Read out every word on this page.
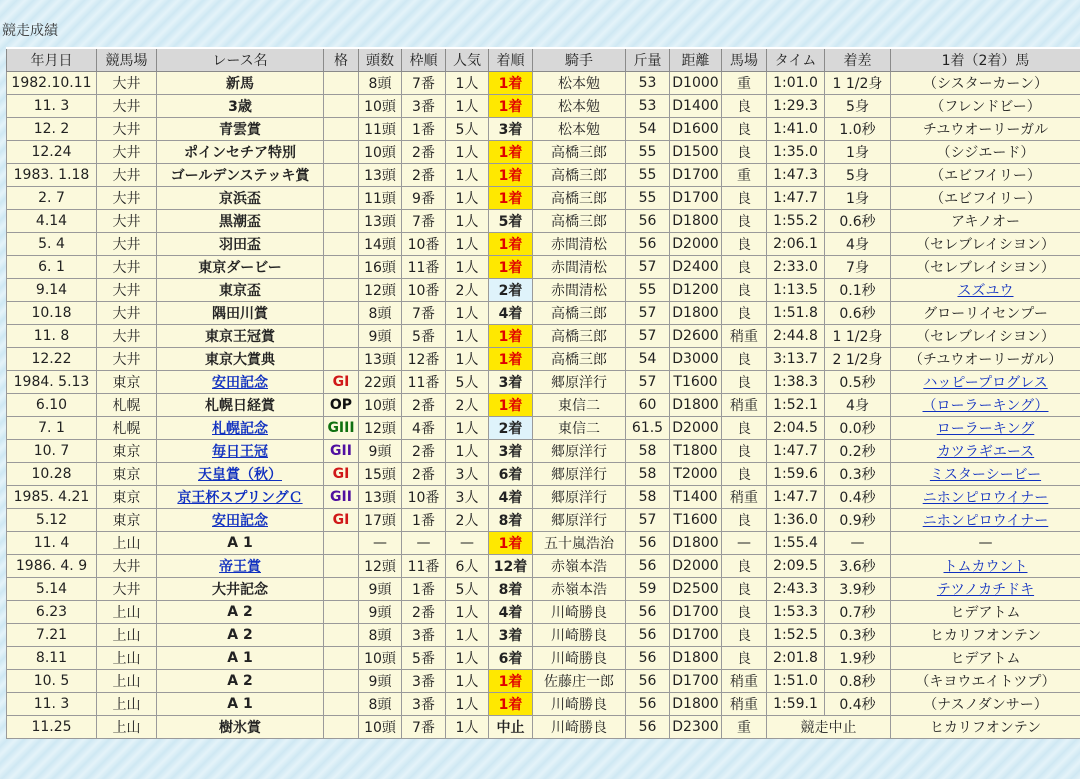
競走成績
年月日	競馬場	レース名	格	頭数	枠順	人気	着順	騎手	斤量	距離	馬場	タイム	着差	1着（2着）馬
1982.10.11	大井	新馬		8頭	7番	1人	1着	松本勉	53	D1000	重	1:01.0	1 1/2身	（シスターカーン）
11. 3	大井	3歳		10頭	3番	1人	1着	松本勉	53	D1400	良	1:29.3	5身	（フレンドビー）
12. 2	大井	青雲賞		11頭	1番	5人	3着	松本勉	54	D1600	良	1:41.0	1.0秒	チユウオーリーガル
12.24	大井	ポインセチア特別		10頭	2番	1人	1着	高橋三郎	55	D1500	良	1:35.0	1身	（シジエード）
1983. 1.18	大井	ゴールデンステッキ賞		13頭	2番	1人	1着	高橋三郎	55	D1700	重	1:47.3	5身	（エビフイリー）
2. 7	大井	京浜盃		11頭	9番	1人	1着	高橋三郎	55	D1700	良	1:47.7	1身	（エビフイリー）
4.14	大井	黒潮盃		13頭	7番	1人	5着	高橋三郎	56	D1800	良	1:55.2	0.6秒	アキノオー
5. 4	大井	羽田盃		14頭	10番	1人	1着	赤間清松	56	D2000	良	2:06.1	4身	（セレブレイシヨン）
6. 1	大井	東京ダービー		16頭	11番	1人	1着	赤間清松	57	D2400	良	2:33.0	7身	（セレブレイシヨン）
9.14	大井	東京盃		12頭	10番	2人	2着	赤間清松	55	D1200	良	1:13.5	0.1秒	スズユウ
10.18	大井	隅田川賞		8頭	7番	1人	4着	高橋三郎	57	D1800	良	1:51.8	0.6秒	グローリイセンプー
11. 8	大井	東京王冠賞		9頭	5番	1人	1着	高橋三郎	57	D2600	稍重	2:44.8	1 1/2身	（セレブレイシヨン）
12.22	大井	東京大賞典		13頭	12番	1人	1着	高橋三郎	54	D3000	良	3:13.7	2 1/2身	（チユウオーリーガル）
1984. 5.13	東京	安田記念	GI	22頭	11番	5人	3着	郷原洋行	57	T1600	良	1:38.3	0.5秒	ハッピープログレス
6.10	札幌	札幌日経賞	OP	10頭	2番	2人	1着	東信二	60	D1800	稍重	1:52.1	4身	（ローラーキング）
7. 1	札幌	札幌記念	GIII	12頭	4番	1人	2着	東信二	61.5	D2000	良	2:04.5	0.0秒	ローラーキング
10. 7	東京	毎日王冠	GII	9頭	2番	1人	3着	郷原洋行	58	T1800	良	1:47.7	0.2秒	カツラギエース
10.28	東京	天皇賞（秋）	GI	15頭	2番	3人	6着	郷原洋行	58	T2000	良	1:59.6	0.3秒	ミスターシービー
1985. 4.21	東京	京王杯スプリングＣ	GII	13頭	10番	3人	4着	郷原洋行	58	T1400	稍重	1:47.7	0.4秒	ニホンピロウイナー
5.12	東京	安田記念	GI	17頭	1番	2人	8着	郷原洋行	57	T1600	良	1:36.0	0.9秒	ニホンピロウイナー
11. 4	上山	A 1		—	—	—	1着	五十嵐浩治	56	D1800	—	1:55.4	—	—
1986. 4. 9	大井	帝王賞		12頭	11番	6人	12着	赤嶺本浩	56	D2000	良	2:09.5	3.6秒	トムカウント
5.14	大井	大井記念		9頭	1番	5人	8着	赤嶺本浩	59	D2500	良	2:43.3	3.9秒	テツノカチドキ
6.23	上山	A 2		9頭	2番	1人	4着	川崎勝良	56	D1700	良	1:53.3	0.7秒	ヒデアトム
7.21	上山	A 2		8頭	3番	1人	3着	川崎勝良	56	D1700	良	1:52.5	0.3秒	ヒカリフオンテン
8.11	上山	A 1		10頭	5番	1人	6着	川崎勝良	56	D1800	良	2:01.8	1.9秒	ヒデアトム
10. 5	上山	A 2		9頭	3番	1人	1着	佐藤庄一郎	56	D1700	稍重	1:51.0	0.8秒	（キヨウエイトツプ）
11. 3	上山	A 1		8頭	3番	1人	1着	川崎勝良	56	D1800	稍重	1:59.1	0.4秒	（ナスノダンサー）
11.25	上山	樹氷賞		10頭	7番	1人	中止	川崎勝良	56	D2300	重	競走中止		ヒカリフオンテン
